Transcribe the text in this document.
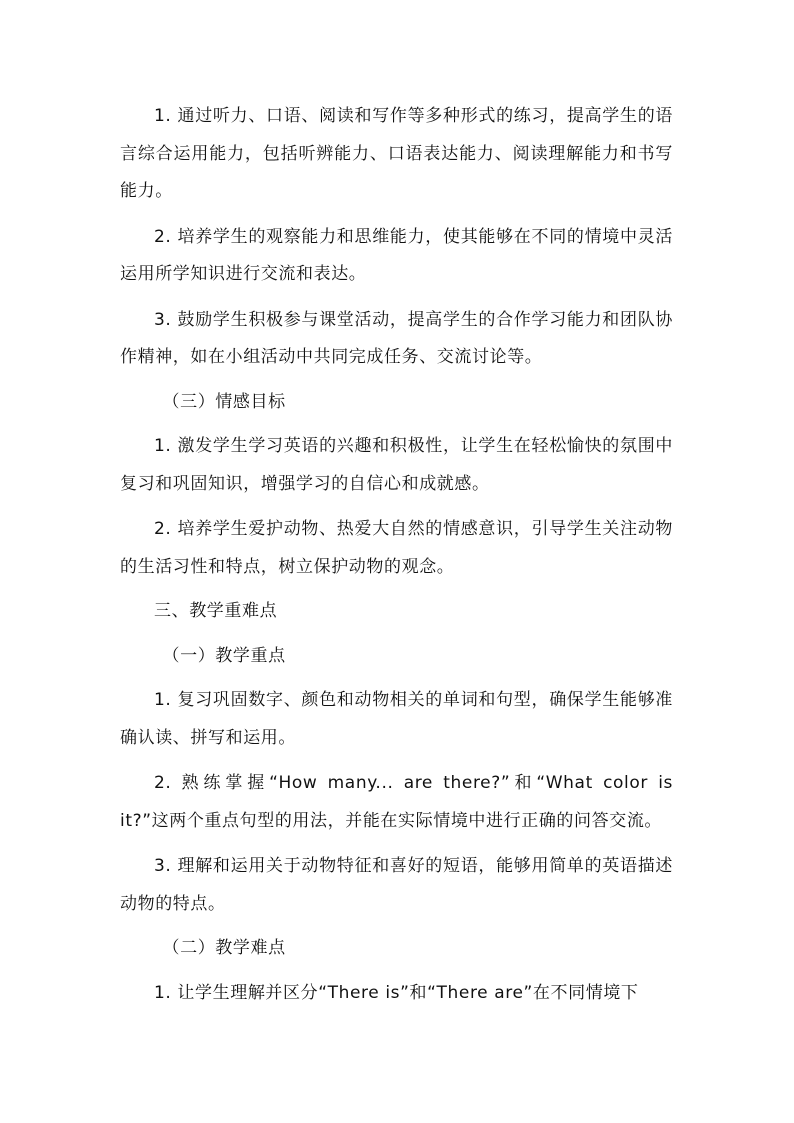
1. 通过听力、口语、阅读和写作等多种形式的练习，提高学生的语言综合运用能力，包括听辨能力、口语表达能力、阅读理解能力和书写能力。

2. 培养学生的观察能力和思维能力，使其能够在不同的情境中灵活运用所学知识进行交流和表达。

3. 鼓励学生积极参与课堂活动，提高学生的合作学习能力和团队协作精神，如在小组活动中共同完成任务、交流讨论等。

（三）情感目标

1. 激发学生学习英语的兴趣和积极性，让学生在轻松愉快的氛围中复习和巩固知识，增强学习的自信心和成就感。

2. 培养学生爱护动物、热爱大自然的情感意识，引导学生关注动物的生活习性和特点，树立保护动物的观念。

三、教学重难点

（一）教学重点

1. 复习巩固数字、颜色和动物相关的单词和句型，确保学生能够准确认读、拼写和运用。

2. 熟练掌握“How many... are there?”和“What color is it?”这两个重点句型的用法，并能在实际情境中进行正确的问答交流。

3. 理解和运用关于动物特征和喜好的短语，能够用简单的英语描述动物的特点。

（二）教学难点

1. 让学生理解并区分“There is”和“There are”在不同情境下
